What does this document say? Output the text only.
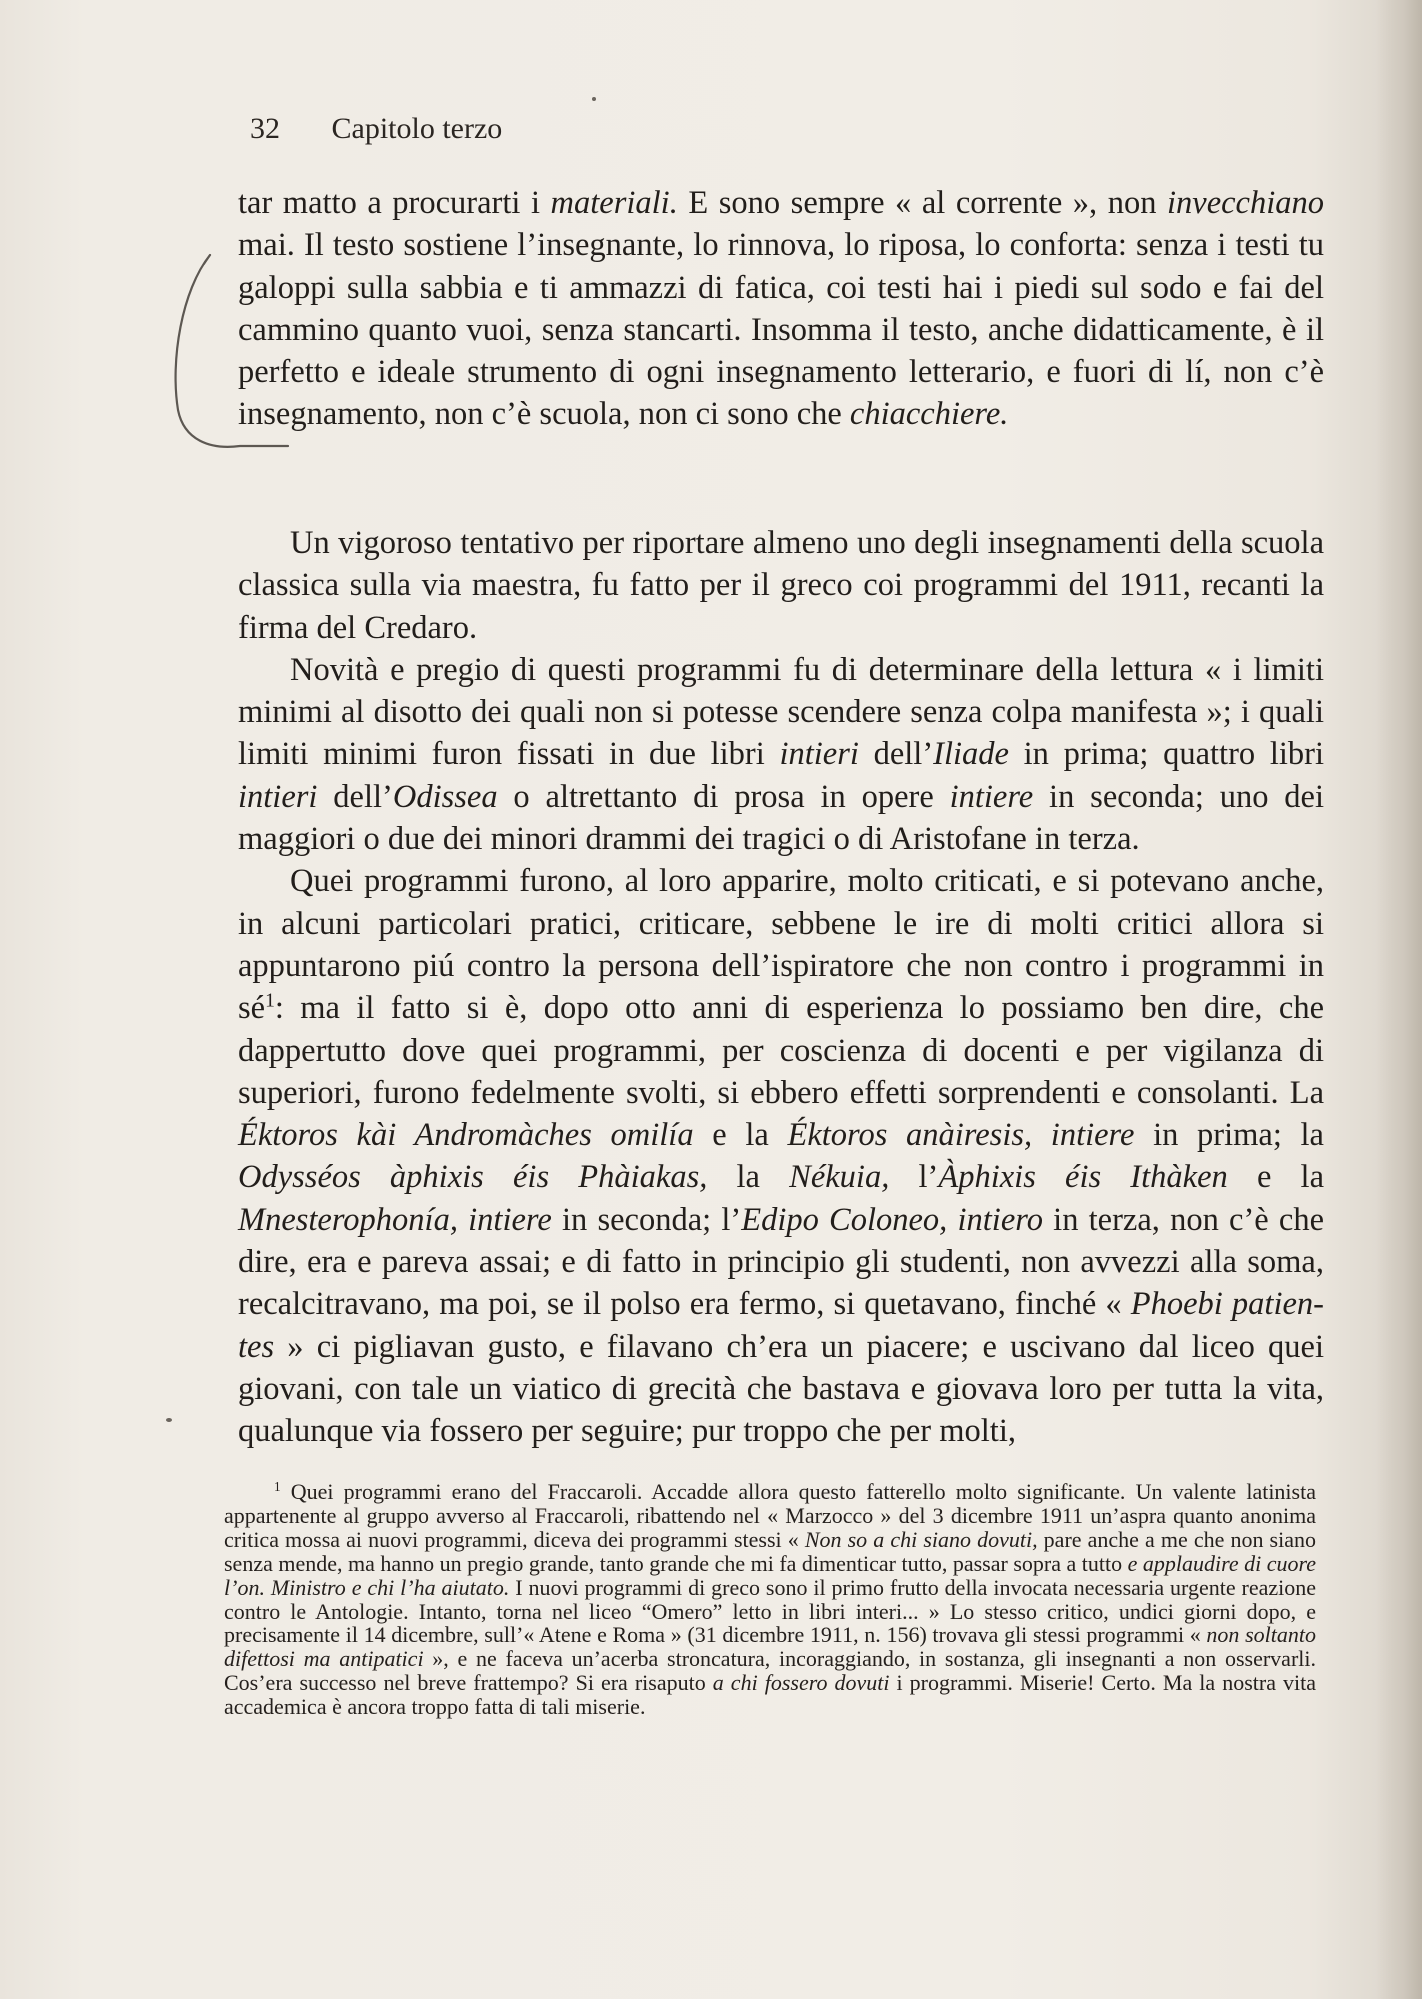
32 Capitolo terzo

tar matto a procurarti i materiali. E sono sempre « al corrente », non invecchiano mai. Il testo sostiene l’insegnante, lo rinnova, lo riposa, lo conforta: senza i testi tu galoppi sulla sabbia e ti ammazzi di fatica, coi testi hai i piedi sul sodo e fai del cammino quanto vuoi, senza stancarti. Insomma il testo, anche didatticamente, è il perfetto e ideale strumento di ogni insegnamento letterario, e fuori di lí, non c’è insegnamento, non c’è scuola, non ci sono che chiacchiere.

Un vigoroso tentativo per riportare almeno uno degli insegnamenti della scuola classica sulla via maestra, fu fatto per il greco coi programmi del 1911, recanti la firma del Credaro.

Novità e pregio di questi programmi fu di determinare della lettura « i limiti minimi al disotto dei quali non si potesse scendere senza colpa manifesta »; i quali limiti minimi furon fissati in due libri intieri dell’Iliade in prima; quattro libri intieri dell’Odissea o altrettanto di prosa in opere intiere in seconda; uno dei maggiori o due dei minori drammi dei tragici o di Aristofane in terza.

Quei programmi furono, al loro apparire, molto criticati, e si potevano anche, in alcuni particolari pratici, criticare, sebbene le ire di molti critici allora si appuntarono piú contro la persona dell’ispiratore che non contro i programmi in $sé^1$: ma il fatto si è, dopo otto anni di esperienza lo possiamo ben dire, che dappertutto dove quei programmi, per coscienza di docenti e per vigilanza di superiori, furono fedelmente svolti, si ebbero effetti sorprendenti e consolanti. La Éktoros kài Andromàches omilía e la Éktoros anàiresis, intiere in prima; la Odysséos àphixis éis Phàiakas, la Nékuia, l’Àphixis éis Ithàken e la Mnesterophonía, intiere in seconda; l’Edipo Coloneo, intiero in terza, non c’è che dire, era e pareva assai; e di fatto in principio gli studenti, non avvezzi alla soma, recalcitravano, ma poi, se il polso era fermo, si quetavano, finché « Phoebi patientes » ci pigliavan gusto, e filavano ch’era un piacere; e uscivano dal liceo quei giovani, con tale un viatico di grecità che bastava e giovava loro per tutta la vita, qualunque via fossero per seguire; pur troppo che per molti,

$^1$ Quei programmi erano del Fraccaroli. Accadde allora questo fatterello molto significante. Un valente latinista appartenente al gruppo avverso al Fraccaroli, ribattendo nel « Marzocco » del 3 dicembre 1911 un’aspra quanto anonima critica mossa ai nuovi programmi, diceva dei programmi stessi « Non so a chi siano dovuti, pare anche a me che non siano senza mende, ma hanno un pregio grande, tanto grande che mi fa dimenticar tutto, passar sopra a tutto e applaudire di cuore l’on. Ministro e chi l’ha aiutato. I nuovi programmi di greco sono il primo frutto della invocata necessaria urgente reazione contro le Antologie. Intanto, torna nel liceo “Omero” letto in libri interi... » Lo stesso critico, undici giorni dopo, e precisamente il 14 dicembre, sull’« Atene e Roma » (31 dicembre 1911, n. 156) trovava gli stessi programmi « non soltanto difettosi ma antipatici », e ne faceva un’acerba stroncatura, incoraggiando, in sostanza, gli insegnanti a non osservarli. Cos’era successo nel breve frattempo? Si era risaputo a chi fossero dovuti i programmi. Miserie! Certo. Ma la nostra vita accademica è ancora troppo fatta di tali miserie.
